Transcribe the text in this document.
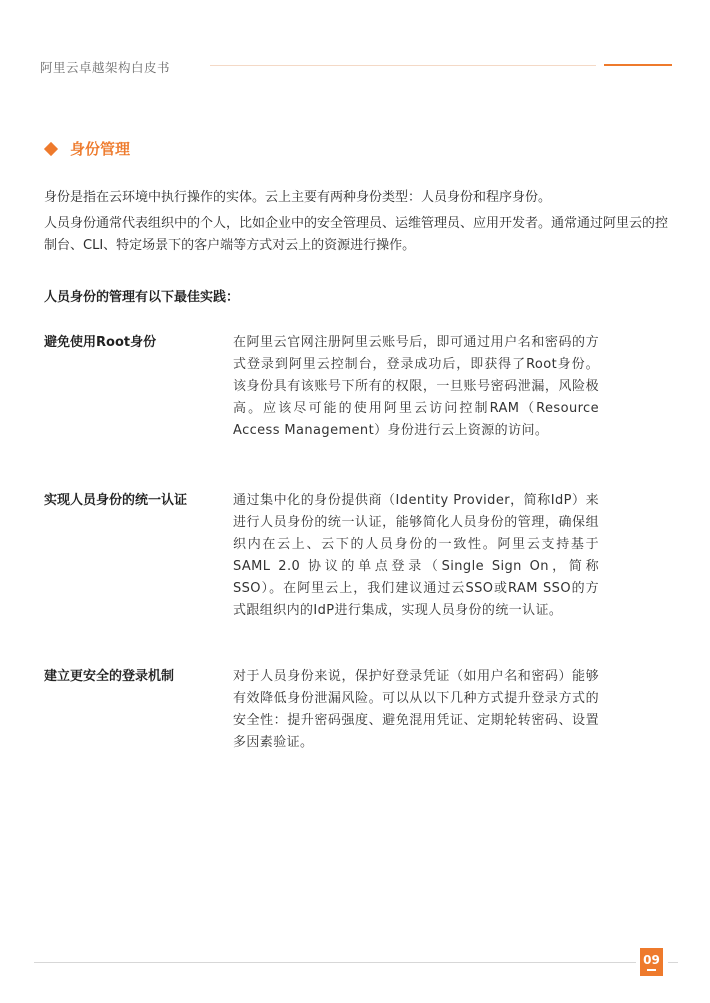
阿里云卓越架构白皮书
身份管理

身份是指在云环境中执行操作的实体。云上主要有两种身份类型：人员身份和程序身份。

人员身份通常代表组织中的个人，比如企业中的安全管理员、运维管理员、应用开发者。通常通过阿里云的控制台、CLI、特定场景下的客户端等方式对云上的资源进行操作。

人员身份的管理有以下最佳实践：
避免使用Root身份	在阿里云官网注册阿里云账号后，即可通过用户名和密码的方式登录到阿里云控制台，登录成功后，即获得了Root身份。该身份具有该账号下所有的权限，一旦账号密码泄漏，风险极高。应该尽可能的使用阿里云访问控制RAM（Resource Access Management）身份进行云上资源的访问。
实现人员身份的统一认证	通过集中化的身份提供商（Identity Provider，简称IdP）来进行人员身份的统一认证，能够简化人员身份的管理，确保组织内在云上、云下的人员身份的一致性。阿里云支持基于 SAML 2.0 协议的单点登录（Single Sign On，简称 SSO）。在阿里云上，我们建议通过云SSO或RAM SSO的方式跟组织内的IdP进行集成，实现人员身份的统一认证。
建立更安全的登录机制	对于人员身份来说，保护好登录凭证（如用户名和密码）能够有效降低身份泄漏风险。可以从以下几种方式提升登录方式的安全性：提升密码强度、避免混用凭证、定期轮转密码、设置多因素验证。
09
